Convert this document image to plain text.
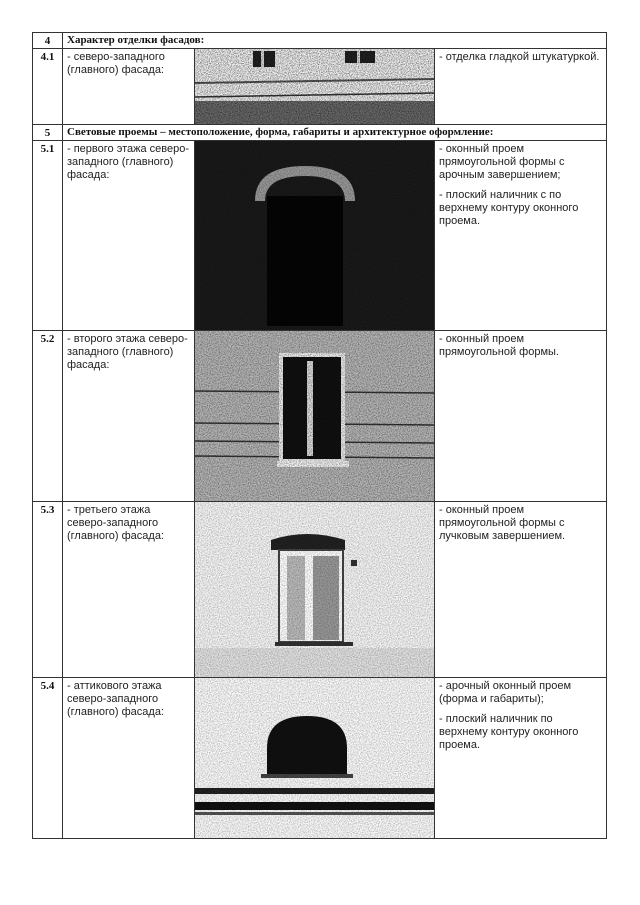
4	Характер отделки фасадов:		
4.1	- северо-западного (главного) фасада:		- отделка гладкой штукатуркой.

5	Световые проемы – местоположение, форма, габариты и архитектурное оформление:		
5.1	- первого этажа северо-западного (главного) фасада:		- оконный проем прямоугольной формы с арочным завершением;

- плоский наличник с по верхнему контуру оконного проема.

5.2	- второго этажа северо-западного (главного) фасада:		- оконный проем прямоугольной формы.

5.3	- третьего этажа северо-западного (главного) фасада:		- оконный проем прямоугольной формы с лучковым завершением.

5.4	- аттикового этажа северо-западного (главного) фасада:		- арочный оконный проем (форма и габариты);

- плоский наличник по верхнему контуру оконного проема.
